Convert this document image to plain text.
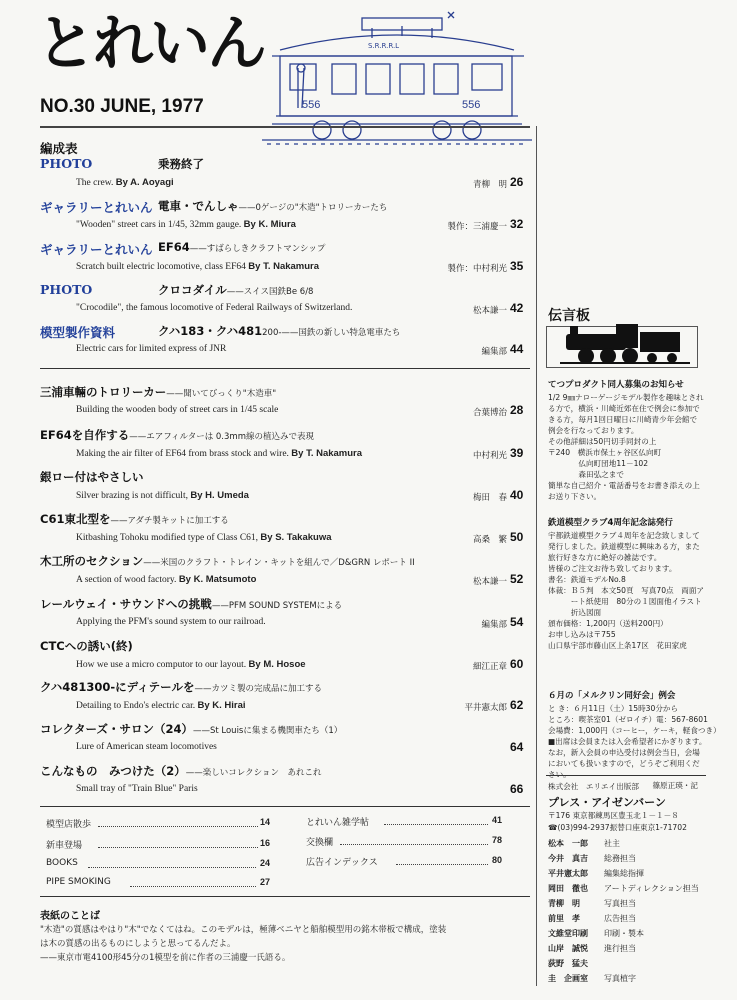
とれいん
NO.30 JUNE, 1977
S.R.R.R.L
556	556
編成表
PHOTO	乗務終了
The crew. By A. Aoyagi	青柳　明 26
ギャラリーとれいん 電車・でんしゃ——0ゲージの"木造"トロリーカーたち
"Wooden" street cars in 1/45, 32mm gauge. By K. Miura	製作：三浦慶一 32
ギャラリーとれいん EF64——すばらしきクラフトマンシップ
Scratch built electric locomotive, class EF64 By T. Nakamura	製作：中村利光 35
PHOTO	クロコダイル——スイス国鉄Be 6/8
"Crocodile", the famous locomotive of Federal Railways of Switzerland.	松本謙一 42
模型製作資料	クハ183・クハ481200-——国鉄の新しい特急電車たち
Electric cars for limited express of JNR	編集部 44
三浦車輛のトロリーカー——聞いてびっくり"木造車"
Building the wooden body of street cars in 1/45 scale	合葉博治 28
EF64を自作する——エアフィルターは 0.3mm線の植込みで表現
Making the air filter of EF64 from brass stock and wire. By T. Nakamura	中村利光 39
銀ロー付はやさしい
Silver brazing is not difficult, By H. Umeda	梅田　春 40
C61東北型を——アダチ製キットに加工する
Kitbashing Tohoku modified type of Class C61, By S. Takakuwa	高桑　繁 50
木工所のセクション——米国のクラフト・トレイン・キットを組んで／D&GRN レポート II
A section of wood factory. By K. Matsumoto	松本謙一 52
レールウェイ・サウンドへの挑戦——PFM SOUND SYSTEMによる
Applying the PFM's sound system to our railroad.	編集部 54
CTCへの誘い(終)
How we use a micro computor to our layout. By M. Hosoe	細江正章 60
クハ481300-にディテールを——カツミ製の完成品に加工する
Detailing to Endo's electric car. By K. Hirai	平井憲太郎 62
コレクターズ・サロン（24）——St Louisに集まる機関車たち（1）
Lure of American steam locomotives	64
こんなもの　みつけた（2）——楽しいコレクション　あれこれ
Small tray of "Train Blue" Paris	66
模型店散歩	14
新車登場	16
BOOKS	24
PIPE SMOKING	27
とれいん雑学帖	41
交換欄	78
広告インデックス	80
表紙のことば
"木造"の質感はやはり"木"でなくてはね。このモデルは，極薄ベニヤと船舶模型用の銘木帯板で構成，塗装
は木の質感の出るものにしようと思ってるんだよ。
——東京市電4100形45分の1模型を前に作者の三浦慶一氏語る。
伝言板
てつプロダクト同人募集のお知らせ
1/2 9㎜ナローゲージモデル製作を趣味とされ
る方で，横浜・川崎近郊在住で例会に参加で
きる方，毎月1回日曜日に川崎青少年会館で
例会を行なっております。
その他詳細は50円切手同封の上
〒240　横浜市保土ヶ谷区仏向町
　　　　仏向町団地11－102
　　　　森田弘之まで
簡単な自己紹介・電話番号をお書き添えの上
お送り下さい。
鉄道模型クラブ4周年記念誌発行
宇都鉄道模型クラブ４周年を記念致しまして
発行しました。鉄道模型に興味ある方，また
旅行好きな方に絶好の雑誌です。
皆様のご注文お待ち致しております。
書名：鉄道モデルNo.8
体裁：Ｂ５判　本文50頁　写真70点　両面ア
　　　ート紙使用　80分の１図面他イラスト
　　　折込図面
頒布価格：1,200円（送料200円）
お申し込みは〒755
山口県宇部市藤山区上条17区　花田家虎
６月の「メルクリン同好会」例会
と き：６月11日（土）15時30分から
ところ：喫茶室01（ゼロイチ）電：567-8601
会場費：1,000円（コーヒー，ケーキ，軽食つき）
■出席は会員または入会希望者にかぎります。
なお，新入会員の申込受付は例会当日，会場
においても扱いますので，どうぞご利用くだ
篠原正瑛・記
株式会社　エリエイ出版部
プレス・アイゼンバーン
〒176 東京都練馬区豊玉北１－１－８
☎(03)994-2937振替口座東京1-71702
松本　一郎 社主
今井　真吉 総務担当
平井憲太郎 編集総指揮
岡田　徹也 アートディレクション担当
青柳　明	写真担当
前里　孝	広告担当
文維堂印刷 印刷・製本
山岸　誠悦 進行担当
荻野　猛夫
圭　企画室 写真植字
